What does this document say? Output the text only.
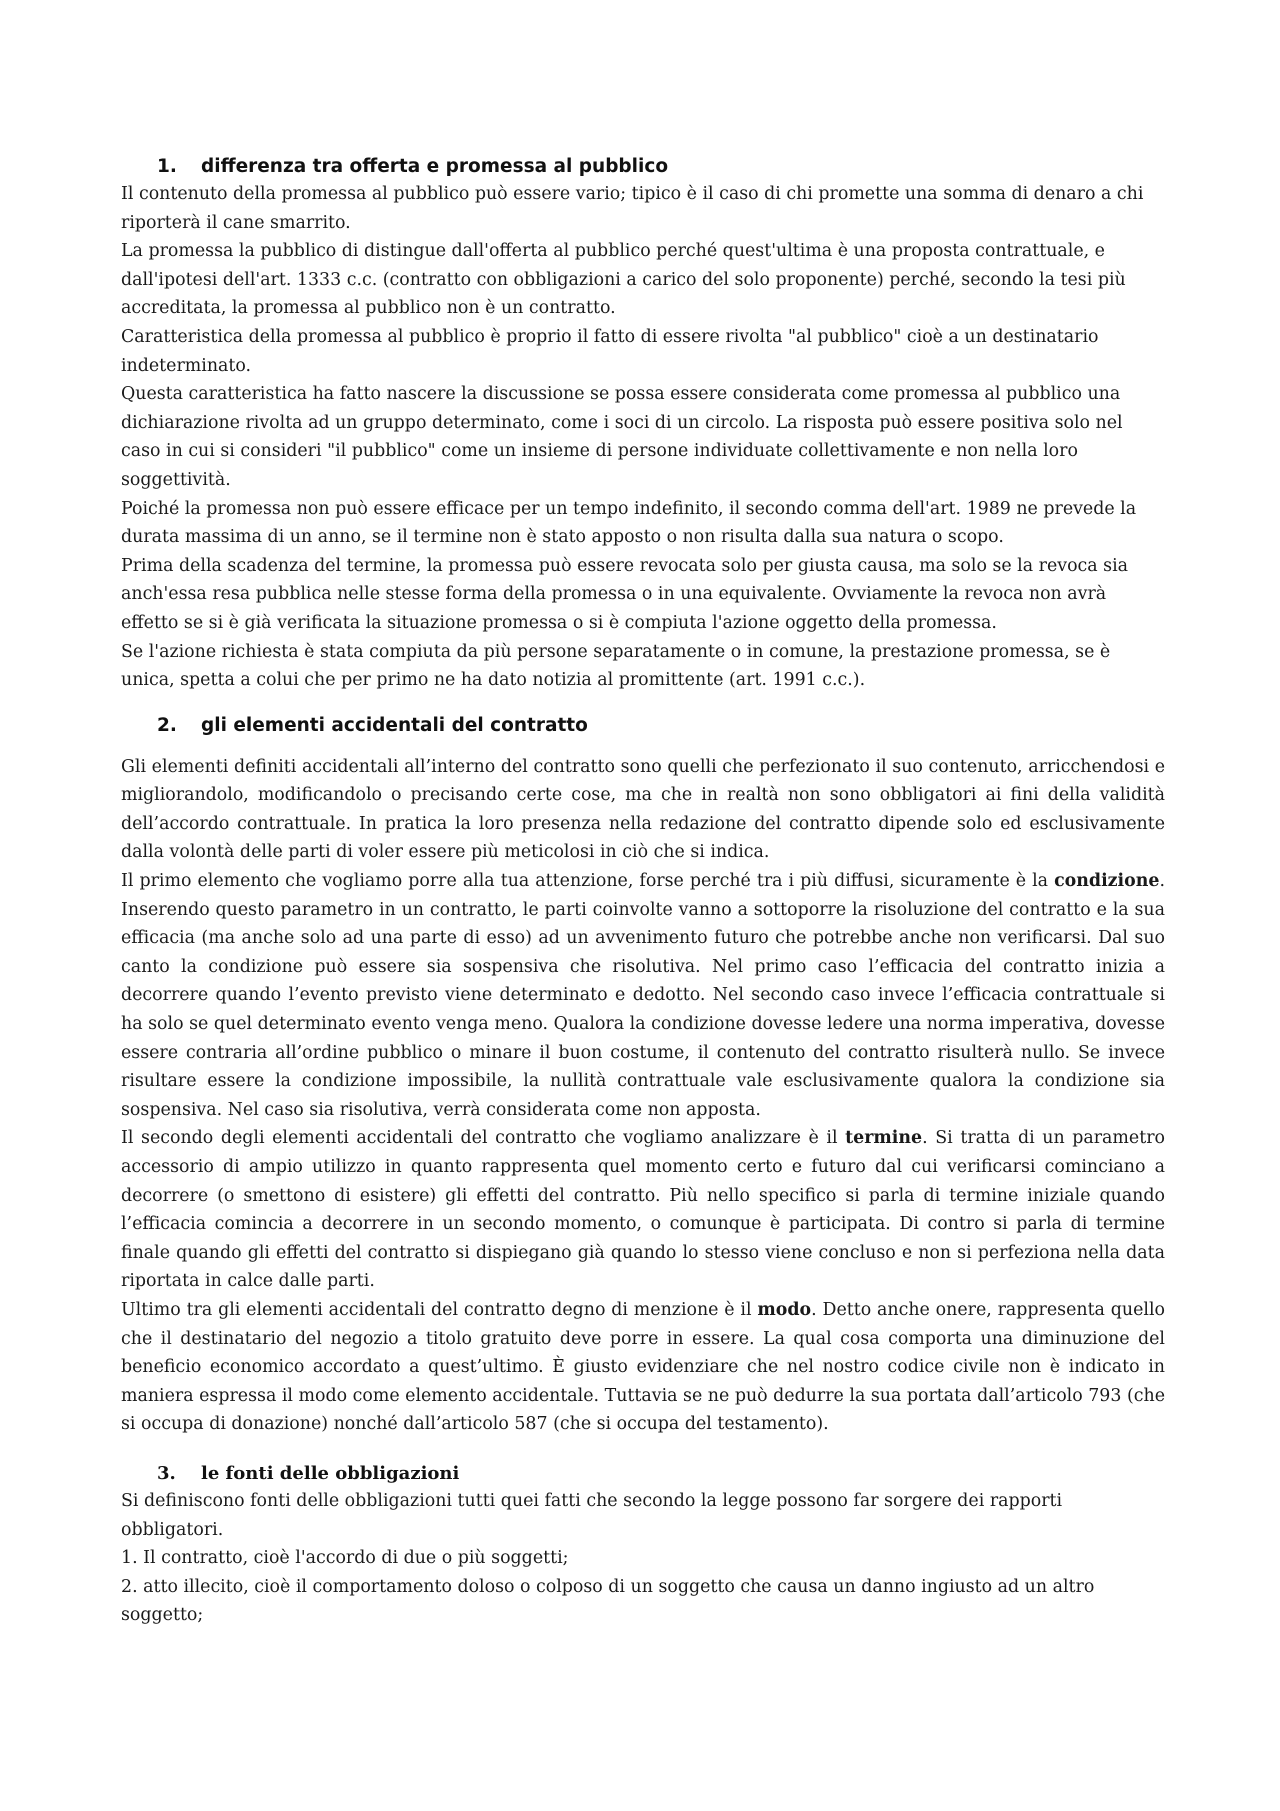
1. differenza tra offerta e promessa al pubblico

Il contenuto della promessa al pubblico può essere vario; tipico è il caso di chi promette una somma di denaro a chi riporterà il cane smarrito.

La promessa la pubblico di distingue dall'offerta al pubblico perché quest'ultima è una proposta contrattuale, e dall'ipotesi dell'art. 1333 c.c. (contratto con obbligazioni a carico del solo proponente) perché, secondo la tesi più accreditata, la promessa al pubblico non è un contratto.

Caratteristica della promessa al pubblico è proprio il fatto di essere rivolta "al pubblico" cioè a un destinatario indeterminato.

Questa caratteristica ha fatto nascere la discussione se possa essere considerata come promessa al pubblico una dichiarazione rivolta ad un gruppo determinato, come i soci di un circolo. La risposta può essere positiva solo nel caso in cui si consideri "il pubblico" come un insieme di persone individuate collettivamente e non nella loro soggettività.

Poiché la promessa non può essere efficace per un tempo indefinito, il secondo comma dell'art. 1989 ne prevede la durata massima di un anno, se il termine non è stato apposto o non risulta dalla sua natura o scopo.

Prima della scadenza del termine, la promessa può essere revocata solo per giusta causa, ma solo se la revoca sia anch'essa resa pubblica nelle stesse forma della promessa o in una equivalente. Ovviamente la revoca non avrà effetto se si è già verificata la situazione promessa o si è compiuta l'azione oggetto della promessa.

Se l'azione richiesta è stata compiuta da più persone separatamente o in comune, la prestazione promessa, se è unica, spetta a colui che per primo ne ha dato notizia al promittente (art. 1991 c.c.).

2. gli elementi accidentali del contratto

Gli elementi definiti accidentali all’interno del contratto sono quelli che perfezionato il suo contenuto, arricchendosi e migliorandolo, modificandolo o precisando certe cose, ma che in realtà non sono obbligatori ai fini della validità dell’accordo contrattuale. In pratica la loro presenza nella redazione del contratto dipende solo ed esclusivamente dalla volontà delle parti di voler essere più meticolosi in ciò che si indica.

Il primo elemento che vogliamo porre alla tua attenzione, forse perché tra i più diffusi, sicuramente è la condizione. Inserendo questo parametro in un contratto, le parti coinvolte vanno a sottoporre la risoluzione del contratto e la sua efficacia (ma anche solo ad una parte di esso) ad un avvenimento futuro che potrebbe anche non verificarsi. Dal suo canto la condizione può essere sia sospensiva che risolutiva. Nel primo caso l’efficacia del contratto inizia a decorrere quando l’evento previsto viene determinato e dedotto. Nel secondo caso invece l’efficacia contrattuale si ha solo se quel determinato evento venga meno. Qualora la condizione dovesse ledere una norma imperativa, dovesse essere contraria all’ordine pubblico o minare il buon costume, il contenuto del contratto risulterà nullo. Se invece risultare essere la condizione impossibile, la nullità contrattuale vale esclusivamente qualora la condizione sia sospensiva. Nel caso sia risolutiva, verrà considerata come non apposta.

Il secondo degli elementi accidentali del contratto che vogliamo analizzare è il termine. Si tratta di un parametro accessorio di ampio utilizzo in quanto rappresenta quel momento certo e futuro dal cui verificarsi cominciano a decorrere (o smettono di esistere) gli effetti del contratto. Più nello specifico si parla di termine iniziale quando l’efficacia comincia a decorrere in un secondo momento, o comunque è participata. Di contro si parla di termine finale quando gli effetti del contratto si dispiegano già quando lo stesso viene concluso e non si perfeziona nella data riportata in calce dalle parti.

Ultimo tra gli elementi accidentali del contratto degno di menzione è il modo. Detto anche onere, rappresenta quello che il destinatario del negozio a titolo gratuito deve porre in essere. La qual cosa comporta una diminuzione del beneficio economico accordato a quest’ultimo. È giusto evidenziare che nel nostro codice civile non è indicato in maniera espressa il modo come elemento accidentale. Tuttavia se ne può dedurre la sua portata dall’articolo 793 (che si occupa di donazione) nonché dall’articolo 587 (che si occupa del testamento).

3. le fonti delle obbligazioni

Si definiscono fonti delle obbligazioni tutti quei fatti che secondo la legge possono far sorgere dei rapporti obbligatori.

1. Il contratto, cioè l'accordo di due o più soggetti;

2. atto illecito, cioè il comportamento doloso o colposo di un soggetto che causa un danno ingiusto ad un altro soggetto;
